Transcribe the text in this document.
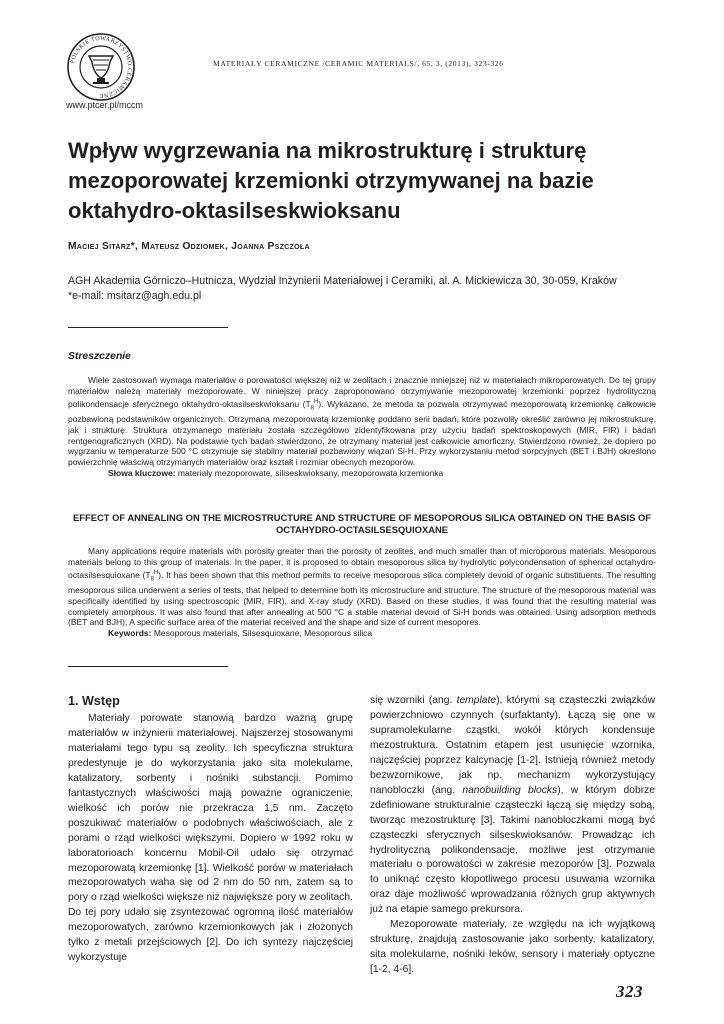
POLSKIE TOWARZYSTWO CERAMICZNE
www.ptcer.pl/mccm
MATERIAŁY CERAMICZNE /CERAMIC MATERIALS/, 65, 3, (2013), 323-326
Wpływ wygrzewania na mikrostrukturę i strukturę mezoporowatej krzemionki otrzymywanej na bazie oktahydro-oktasilseskwioksanu
Maciej Sitarz*, Mateusz Odziomek, Joanna Pszczoła
AGH Akademia Górniczo–Hutnicza, Wydział Inżynierii Materiałowej i Ceramiki, al. A. Mickiewicza 30, 30-059, Kraków
*e-mail: msitarz@agh.edu.pl
Streszczenie

Wiele zastosowań wymaga materiałów o porowatości większej niż w zeolitach i znacznie mniejszej niż w materiałach mikroporowatych. Do tej grupy materiałów należą materiały mezoporowate. W niniejszej pracy zaproponowano otrzymywanie mezoporowatej krzemionki poprzez hydrolityczną polikondensacje sferycznego oktahydro-oktasilseskwioksanu $(T_8^H)$. Wykazano, że metoda ta pozwala otrzymywać mezoporowatą krzemionkę całkowicie pozbawioną podstawników organicznych. Otrzymaną mezoporowatą krzemionkę poddano serii badań, które pozwoliły określić zarówno jej mikrostrukturę, jak i strukturę. Struktura otrzymanego materiału została szczegółowo zidentyfikowana przy użyciu badań spektroskopowych (MIR, FIR) i badań rentgenograficznych (XRD). Na podstawie tych badań stwierdzono, że otrzymany materiał jest całkowicie amorficzny. Stwierdzono również, że dopiero po wygrzaniu w temperaturze 500 °C otrzymuje się stabilny materiał pozbawiony wiązań Si-H. Przy wykorzystaniu metod sorpcyjnych (BET i BJH) określono powierzchnię właściwą otrzymanych materiałów oraz kształt i rozmiar obecnych mezoporów.

Słowa kluczowe: materiały mezoporowate, siliseskwioksany, mezoporowata krzemionka

EFFECT OF ANNEALING ON THE MICROSTRUCTURE AND STRUCTURE OF MESOPOROUS SILICA OBTAINED ON THE BASIS OF OCTAHYDRO-OCTASILSESQUIOXANE

Many applications require materials with porosity greater than the porosity of zeolites, and much smaller than of microporous materials. Mesoporous materials belong to this group of materials. In the paper, it is proposed to obtain mesoporous silica by hydrolytic polycondensation of spherical octahydro-octasilsesquioxane $(T_8^H)$. It has been shown that this method permits to receive mesoporous silica completely devoid of organic substituents. The resulting mesoporous silica underwent a series of tests, that helped to determine both its microstructure and structure. The structure of the mesoporous material was specifically identified by using spectroscopic (MIR, FIR), and X-ray study (XRD). Based on these studies, it was found that the resulting material was completely amorphous. It was also found that after annealing at 500 °C a stable material devoid of Si-H bonds was obtained. Using adsorption methods (BET and BJH), A specific surface area of the material received and the shape and size of current mesopores.

Keywords: Mesoporous materials, Silsesquioxane, Mesoporous silica

1. Wstęp

Materiały porowate stanowią bardzo ważną grupę materiałów w inżynierii materiałowej. Najszerzej stosowanymi materiałami tego typu są zeolity. Ich specyficzna struktura predestynuje je do wykorzystania jako sita molekularne, katalizatory, sorbenty i nośniki substancji. Pomimo fantastycznych właściwości mają poważne ograniczenie, wielkość ich porów nie przekracza 1,5 nm. Zaczęto poszukiwać materiałów o podobnych właściwościach, ale z porami o rząd wielkości większymi. Dopiero w 1992 roku w laboratorioach koncernu Mobil-Oil udało się otrzymać mezoporowatą krzemionkę [1]. Wielkość porów w materiałach mezoporowatych waha się od 2 nm do 50 nm, zatem są to pory o rząd wielkości większe niż największe pory w zeolitach. Do tej pory udało się zsyntezować ogromną ilość materiałów mezoporowatych, zarówno krzemionkowych jak i złożonych tylko z metali przejściowych [2]. Do ich syntezy najczęściej wykorzystuje

się wzorniki (ang. template), którymi są cząsteczki związków powierzchniowo czynnych (surfaktanty). Łączą się one w supramolekularne cząstki, wokół których kondensuje mezostruktura. Ostatnim etapem jest usunięcie wzornika, najczęściej poprzez kalcynację [1-2]. Istnieją również metody bezwzornikowe, jak np. mechanizm wykorzystujący nanobloczki (ang. nanobuilding blocks), w którym dobrze zdefiniowane strukturalnie cząsteczki łączą się między sobą, tworząc mezostrukturę [3]. Takimi nanobloczkami mogą być cząsteczki sferycznych silseskwioksanów. Prowadząc ich hydrolityczną polikondensacje, możliwe jest otrzymanie materiału o porowatości w zakresie mezoporów [3]. Pozwala to uniknąć często kłopotliwego procesu usuwania wzornika oraz daje możliwość wprowadzania różnych grup aktywnych już na etapie samego prekursora.

Mezoporowate materiały, ze względu na ich wyjątkową strukturę, znajdują zastosowanie jako sorbenty, katalizatory, sita molekularne, nośniki leków, sensory i materiały optyczne [1-2, 4-6].

323
